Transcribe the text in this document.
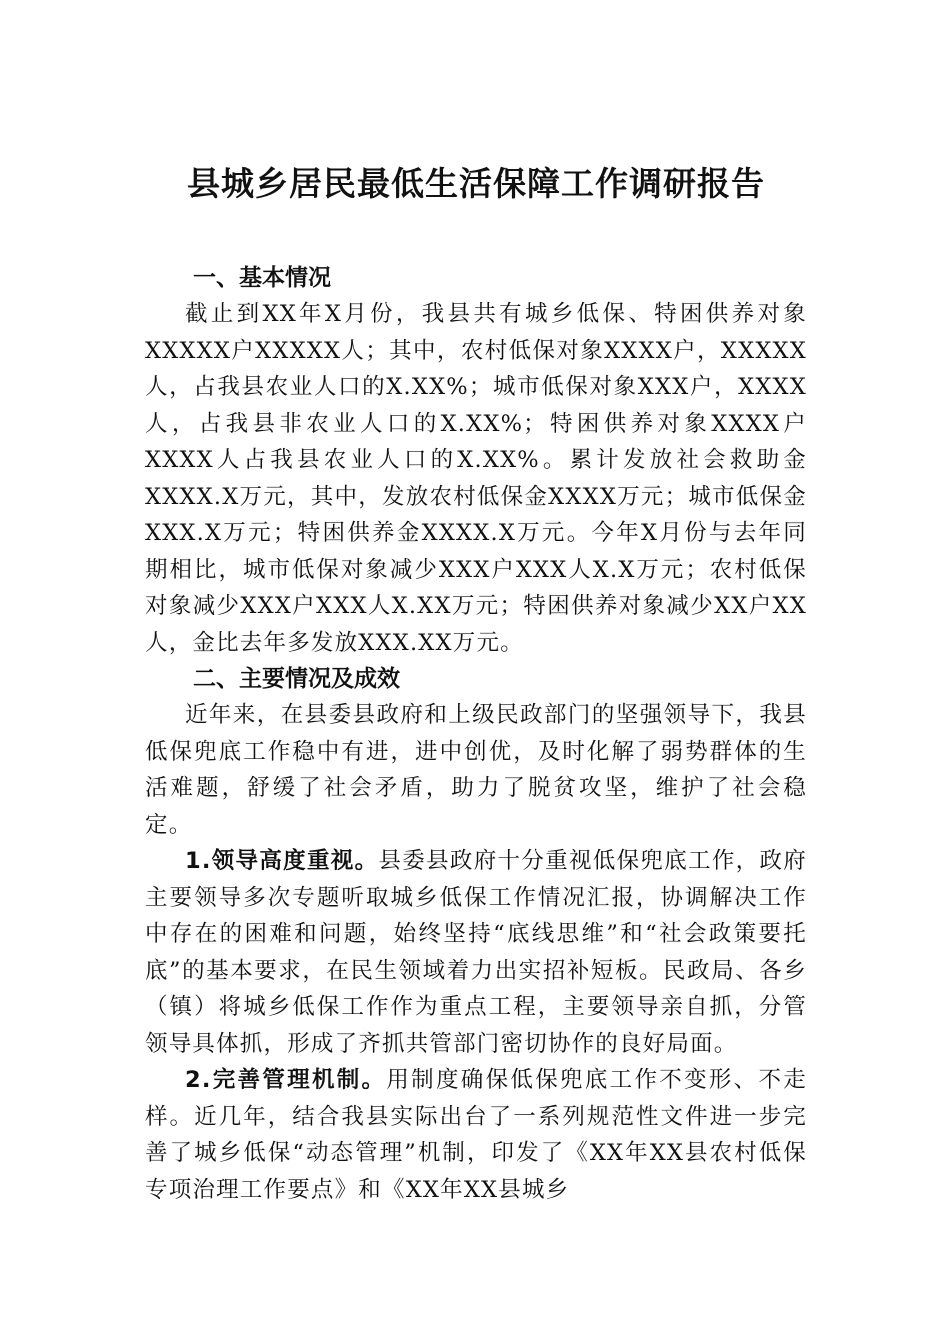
县城乡居民最低生活保障工作调研报告
一、基本情况

截止到XX年X月份，我县共有城乡低保、特困供养对象XXXXX户XXXXX人；其中，农村低保对象XXXX户，XXXXX人，占我县农业人口的X.XX%；城市低保对象XXX户，XXXX人，占我县非农业人口的X.XX%；特困供养对象XXXX户XXXX人占我县农业人口的X.XX%。累计发放社会救助金XXXX.X万元，其中，发放农村低保金XXXX万元；城市低保金XXX.X万元；特困供养金XXXX.X万元。今年X月份与去年同期相比，城市低保对象减少XXX户XXX人X.X万元；农村低保对象减少XXX户XXX人X.XX万元；特困供养对象减少XX户XX人，金比去年多发放XXX.XX万元。

二、主要情况及成效

近年来，在县委县政府和上级民政部门的坚强领导下，我县低保兜底工作稳中有进，进中创优，及时化解了弱势群体的生活难题，舒缓了社会矛盾，助力了脱贫攻坚，维护了社会稳定。

1.领导高度重视。县委县政府十分重视低保兜底工作，政府主要领导多次专题听取城乡低保工作情况汇报，协调解决工作中存在的困难和问题，始终坚持“底线思维”和“社会政策要托底”的基本要求，在民生领域着力出实招补短板。民政局、各乡（镇）将城乡低保工作作为重点工程，主要领导亲自抓，分管领导具体抓，形成了齐抓共管部门密切协作的良好局面。

2.完善管理机制。用制度确保低保兜底工作不变形、不走样。近几年，结合我县实际出台了一系列规范性文件进一步完善了城乡低保“动态管理”机制，印发了《XX年XX县农村低保专项治理工作要点》和《XX年XX县城乡
